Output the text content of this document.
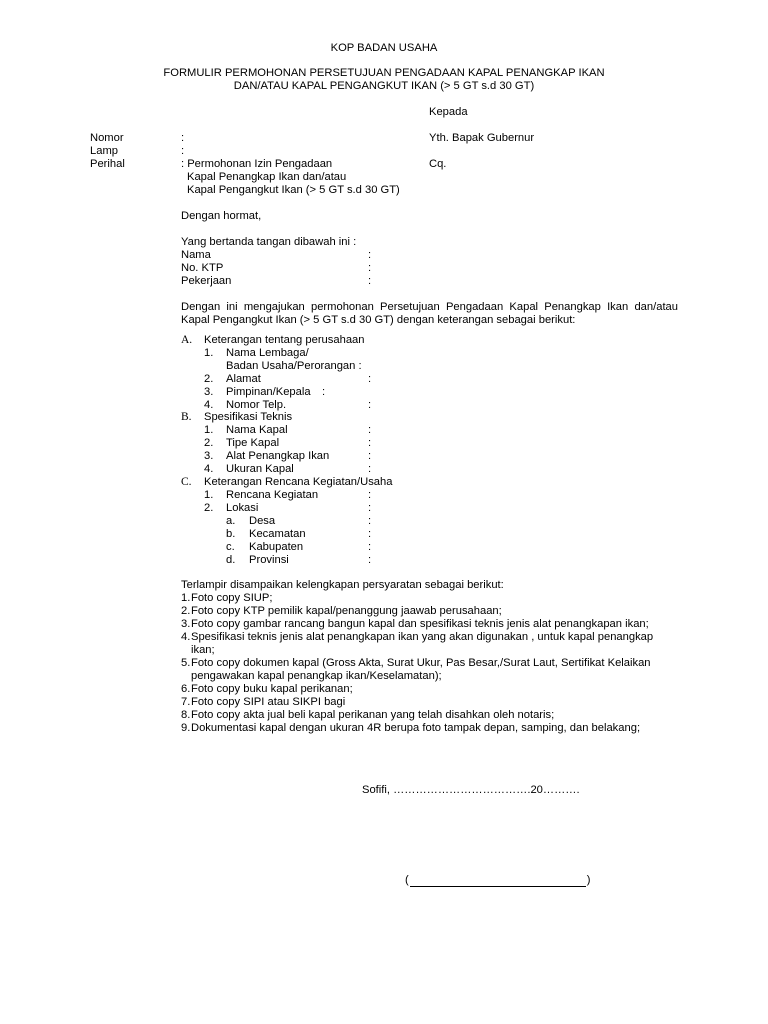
KOP BADAN USAHA
FORMULIR PERMOHONAN PERSETUJUAN PENGADAAN KAPAL PENANGKAP IKAN
DAN/ATAU KAPAL PENGANGKUT IKAN (> 5 GT s.d 30 GT)
Kepada
Yth. Bapak Gubernur
Cq.
Nomor	:
Lamp	:
Perihal	: Permohonan Izin Pengadaan
Kapal Penangkap Ikan dan/atau
Kapal Pengangkut Ikan (> 5 GT s.d 30 GT)
Dengan hormat,
Yang bertanda tangan dibawah ini :
Nama	:
No. KTP	:
Pekerjaan	:
Dengan ini mengajukan permohonan Persetujuan Pengadaan Kapal Penangkap Ikan dan/atau Kapal Pengangkut Ikan (> 5 GT s.d 30 GT) dengan keterangan sebagai berikut:
A. Keterangan tentang perusahaan
1. Nama Lembaga/
Badan Usaha/Perorangan :
2. Alamat	:
3. Pimpinan/Kepala :
4. Nomor Telp.	:
B. Spesifikasi Teknis
1. Nama Kapal	:
2. Tipe Kapal	:
3. Alat Penangkap Ikan	:
4. Ukuran Kapal	:
C. Keterangan Rencana Kegiatan/Usaha
1. Rencana Kegiatan	:
2. Lokasi	:
a. Desa	:
b. Kecamatan	:
c. Kabupaten	:
d. Provinsi	:
Terlampir disampaikan kelengkapan persyaratan sebagai berikut:
1. Foto copy SIUP;
2. Foto copy KTP pemilik kapal/penanggung jaawab perusahaan;
3. Foto copy gambar rancang bangun kapal dan spesifikasi teknis jenis alat penangkapan ikan;
4. Spesifikasi teknis jenis alat penangkapan ikan yang akan digunakan , untuk kapal penangkap ikan;
5. Foto copy dokumen kapal (Gross Akta, Surat Ukur, Pas Besar,/Surat Laut, Sertifikat Kelaikan pengawakan kapal penangkap ikan/Keselamatan);
6. Foto copy buku kapal perikanan;
7. Foto copy SIPI atau SIKPI bagi
8. Foto copy akta jual beli kapal perikanan yang telah disahkan oleh notaris;
9. Dokumentasi kapal dengan ukuran 4R berupa foto tampak depan, samping, dan belakang;
Sofifi, ……………………………….20……….
(	)
